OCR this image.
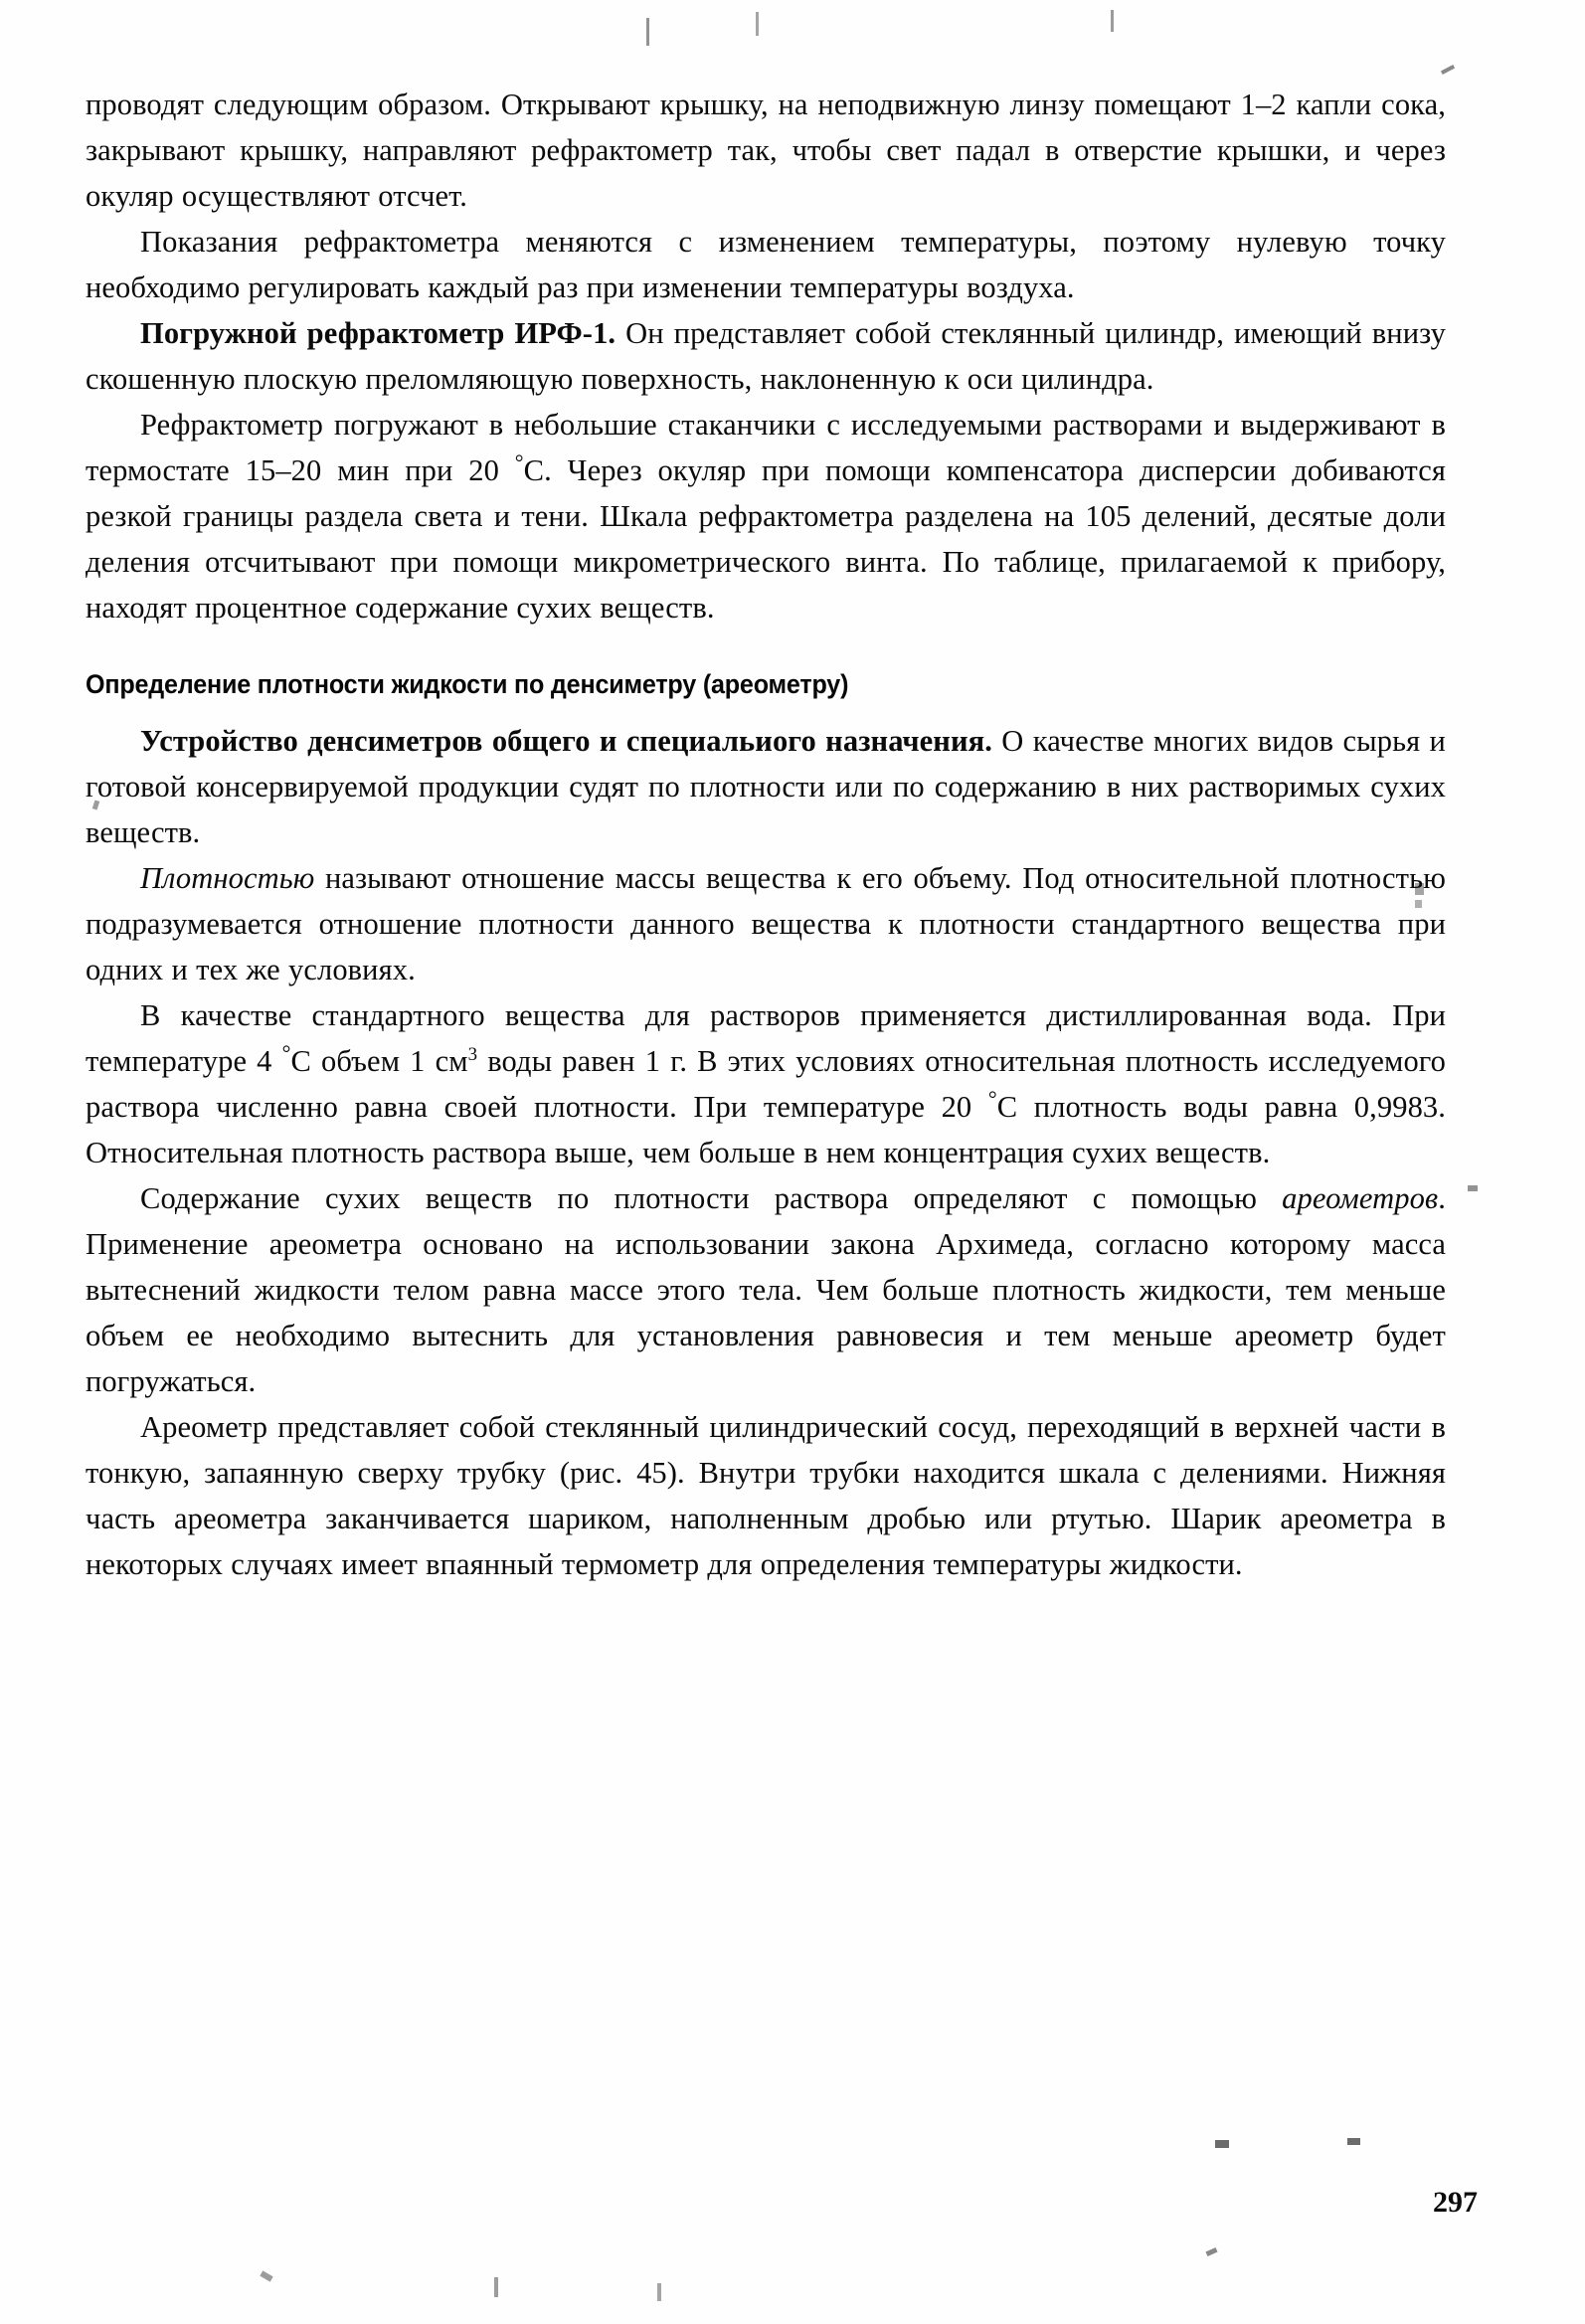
проводят следующим образом. Открывают крышку, на неподвижную линзу помещают 1–2 капли сока, закрывают крышку, направляют рефрактометр так, чтобы свет падал в отверстие крышки, и через окуляр осуществляют отсчет.

Показания рефрактометра меняются с изменением температуры, поэтому нулевую точку необходимо регулировать каждый раз при изменении температуры воздуха.

Погружной рефрактометр ИРФ-1. Он представляет собой стеклянный цилиндр, имеющий внизу скошенную плоскую преломляющую поверхность, наклоненную к оси цилиндра.

Рефрактометр погружают в небольшие стаканчики с исследуемыми растворами и выдерживают в термостате 15–20 мин при 20 °C. Через окуляр при помощи компенсатора дисперсии добиваются резкой границы раздела света и тени. Шкала рефрактометра разделена на 105 делений, десятые доли деления отсчитывают при помощи микрометрического винта. По таблице, прилагаемой к прибору, находят процентное содержание сухих веществ.

Определение плотности жидкости по денсиметру (ареометру)

Устройство денсиметров общего и специальиого назначения. О качестве многих видов сырья и готовой консервируемой продукции судят по плотности или по содержанию в них растворимых сухих веществ.

Плотностью называют отношение массы вещества к его объему. Под относительной плотностью подразумевается отношение плотности данного вещества к плотности стандартного вещества при одних и тех же условиях.

В качестве стандартного вещества для растворов применяется дистиллированная вода. При температуре 4 °C объем 1 $см^3$ воды равен 1 г. В этих условиях относительная плотность исследуемого раствора численно равна своей плотности. При температуре 20 °C плотность воды равна 0,9983. Относительная плотность раствора выше, чем больше в нем концентрация сухих веществ.

Содержание сухих веществ по плотности раствора определяют с помощью ареометров. Применение ареометра основано на использовании закона Архимеда, согласно которому масса вытеснений жидкости телом равна массе этого тела. Чем больше плотность жидкости, тем меньше объем ее необходимо вытеснить для установления равновесия и тем меньше ареометр будет погружаться.

Ареометр представляет собой стеклянный цилиндрический сосуд, переходящий в верхней части в тонкую, запаянную сверху трубку (рис. 45). Внутри трубки находится шкала с делениями. Нижняя часть ареометра заканчивается шариком, наполненным дробью или ртутью. Шарик ареометра в некоторых случаях имеет впаянный термометр для определения температуры жидкости.

297
